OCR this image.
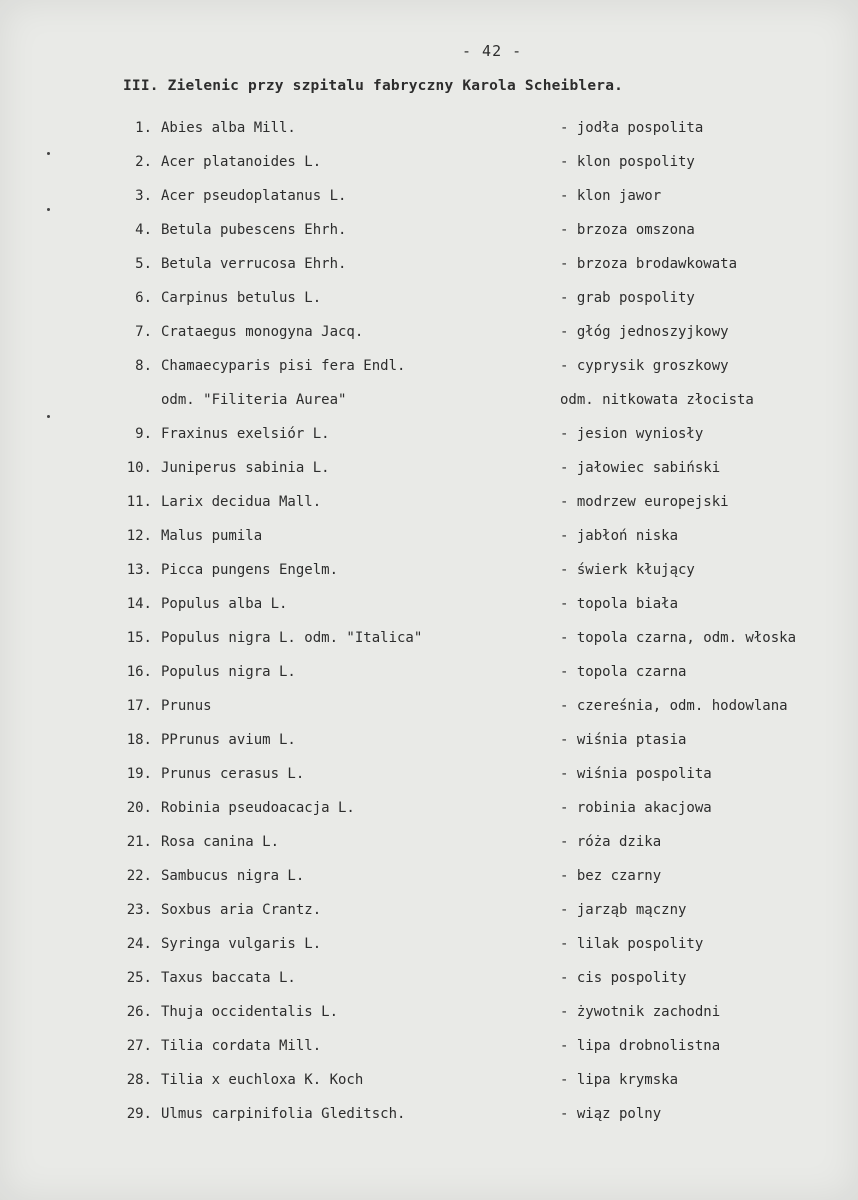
- 42 -
III. Zielenic przy szpitalu fabryczny Karola Scheiblera.
1. Abies alba Mill.	- jodła pospolita
2. Acer platanoides L.	- klon pospolity
3. Acer pseudoplatanus L.	- klon jawor
4. Betula pubescens Ehrh.	- brzoza omszona
5. Betula verrucosa Ehrh.	- brzoza brodawkowata
6. Carpinus betulus L.	- grab pospolity
7. Crataegus monogyna Jacq.	- głóg jednoszyjkowy
8. Chamaecyparis pisi fera Endl.	- cyprysik groszkowy
odm. "Filiteria Aurea"	odm. nitkowata złocista
9. Fraxinus exelsiór L.	- jesion wyniosły
10. Juniperus sabinia L.	- jałowiec sabiński
11. Larix decidua Mall.	- modrzew europejski
12. Malus pumila	- jabłoń niska
13. Picca pungens Engelm.	- świerk kłujący
14. Populus alba L.	- topola biała
15. Populus nigra L. odm. "Italica"	- topola czarna, odm. włoska
16. Populus nigra L.	- topola czarna
17. Prunus	- czereśnia, odm. hodowlana
18. PPrunus avium L.	- wiśnia ptasia
19. Prunus cerasus L.	- wiśnia pospolita
20. Robinia pseudoacacja L.	- robinia akacjowa
21. Rosa canina L.	- róża dzika
22. Sambucus nigra L.	- bez czarny
23. Soxbus aria Crantz.	- jarząb mączny
24. Syringa vulgaris L.	- lilak pospolity
25. Taxus baccata L.	- cis pospolity
26. Thuja occidentalis L.	- żywotnik zachodni
27. Tilia cordata Mill.	- lipa drobnolistna
28. Tilia x euchloxa K. Koch	- lipa krymska
29. Ulmus carpinifolia Gleditsch.	- wiąz polny
